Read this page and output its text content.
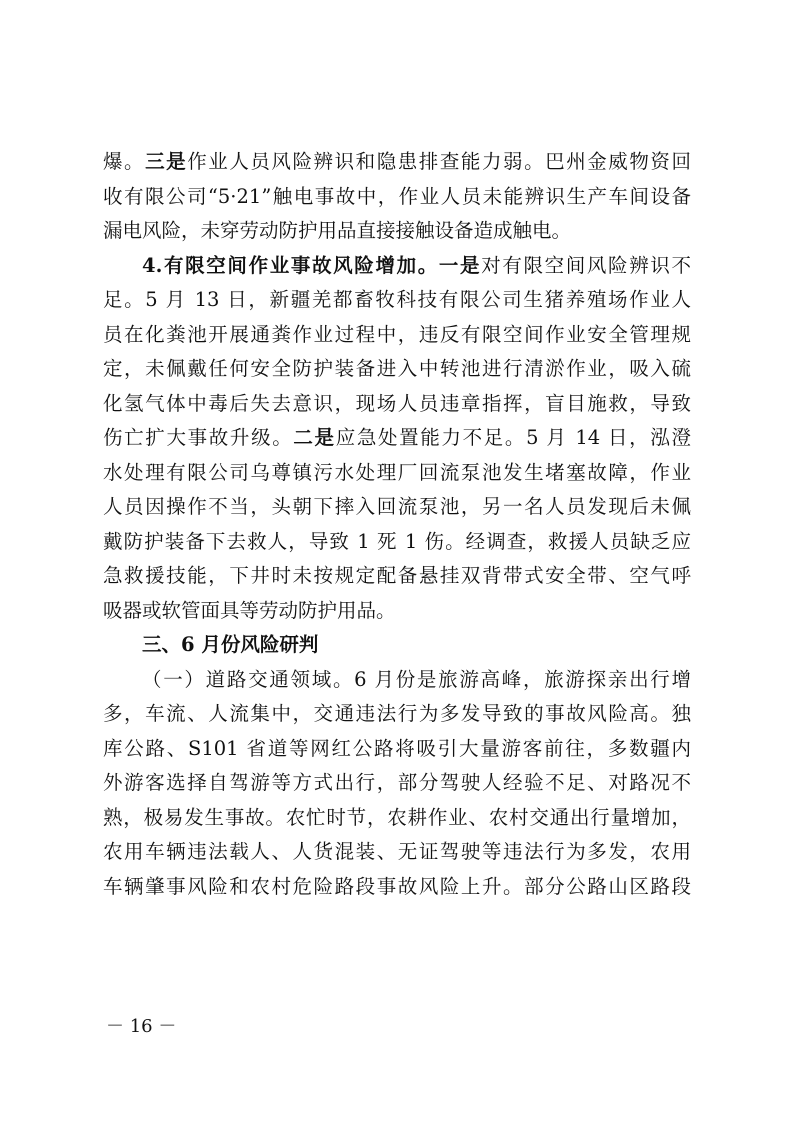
爆。三是作业人员风险辨识和隐患排查能力弱。巴州金威物资回
收有限公司“5·21”触电事故中，作业人员未能辨识生产车间设备
漏电风险，未穿劳动防护用品直接接触设备造成触电。
4.有限空间作业事故风险增加。一是对有限空间风险辨识不
足。5 月 13 日，新疆羌都畜牧科技有限公司生猪养殖场作业人
员在化粪池开展通粪作业过程中，违反有限空间作业安全管理规
定，未佩戴任何安全防护装备进入中转池进行清淤作业，吸入硫
化氢气体中毒后失去意识，现场人员违章指挥，盲目施救，导致
伤亡扩大事故升级。二是应急处置能力不足。5 月 14 日，泓澄
水处理有限公司乌尊镇污水处理厂回流泵池发生堵塞故障，作业
人员因操作不当，头朝下摔入回流泵池，另一名人员发现后未佩
戴防护装备下去救人，导致 1 死 1 伤。经调查，救援人员缺乏应
急救援技能，下井时未按规定配备悬挂双背带式安全带、空气呼
吸器或软管面具等劳动防护用品。
三、6 月份风险研判
（一）道路交通领域。6 月份是旅游高峰，旅游探亲出行增
多，车流、人流集中，交通违法行为多发导致的事故风险高。独
库公路、S101 省道等网红公路将吸引大量游客前往，多数疆内
外游客选择自驾游等方式出行，部分驾驶人经验不足、对路况不
熟，极易发生事故。农忙时节，农耕作业、农村交通出行量增加，
农用车辆违法载人、人货混装、无证驾驶等违法行为多发，农用
车辆肇事风险和农村危险路段事故风险上升。部分公路山区路段
－ 16 －
